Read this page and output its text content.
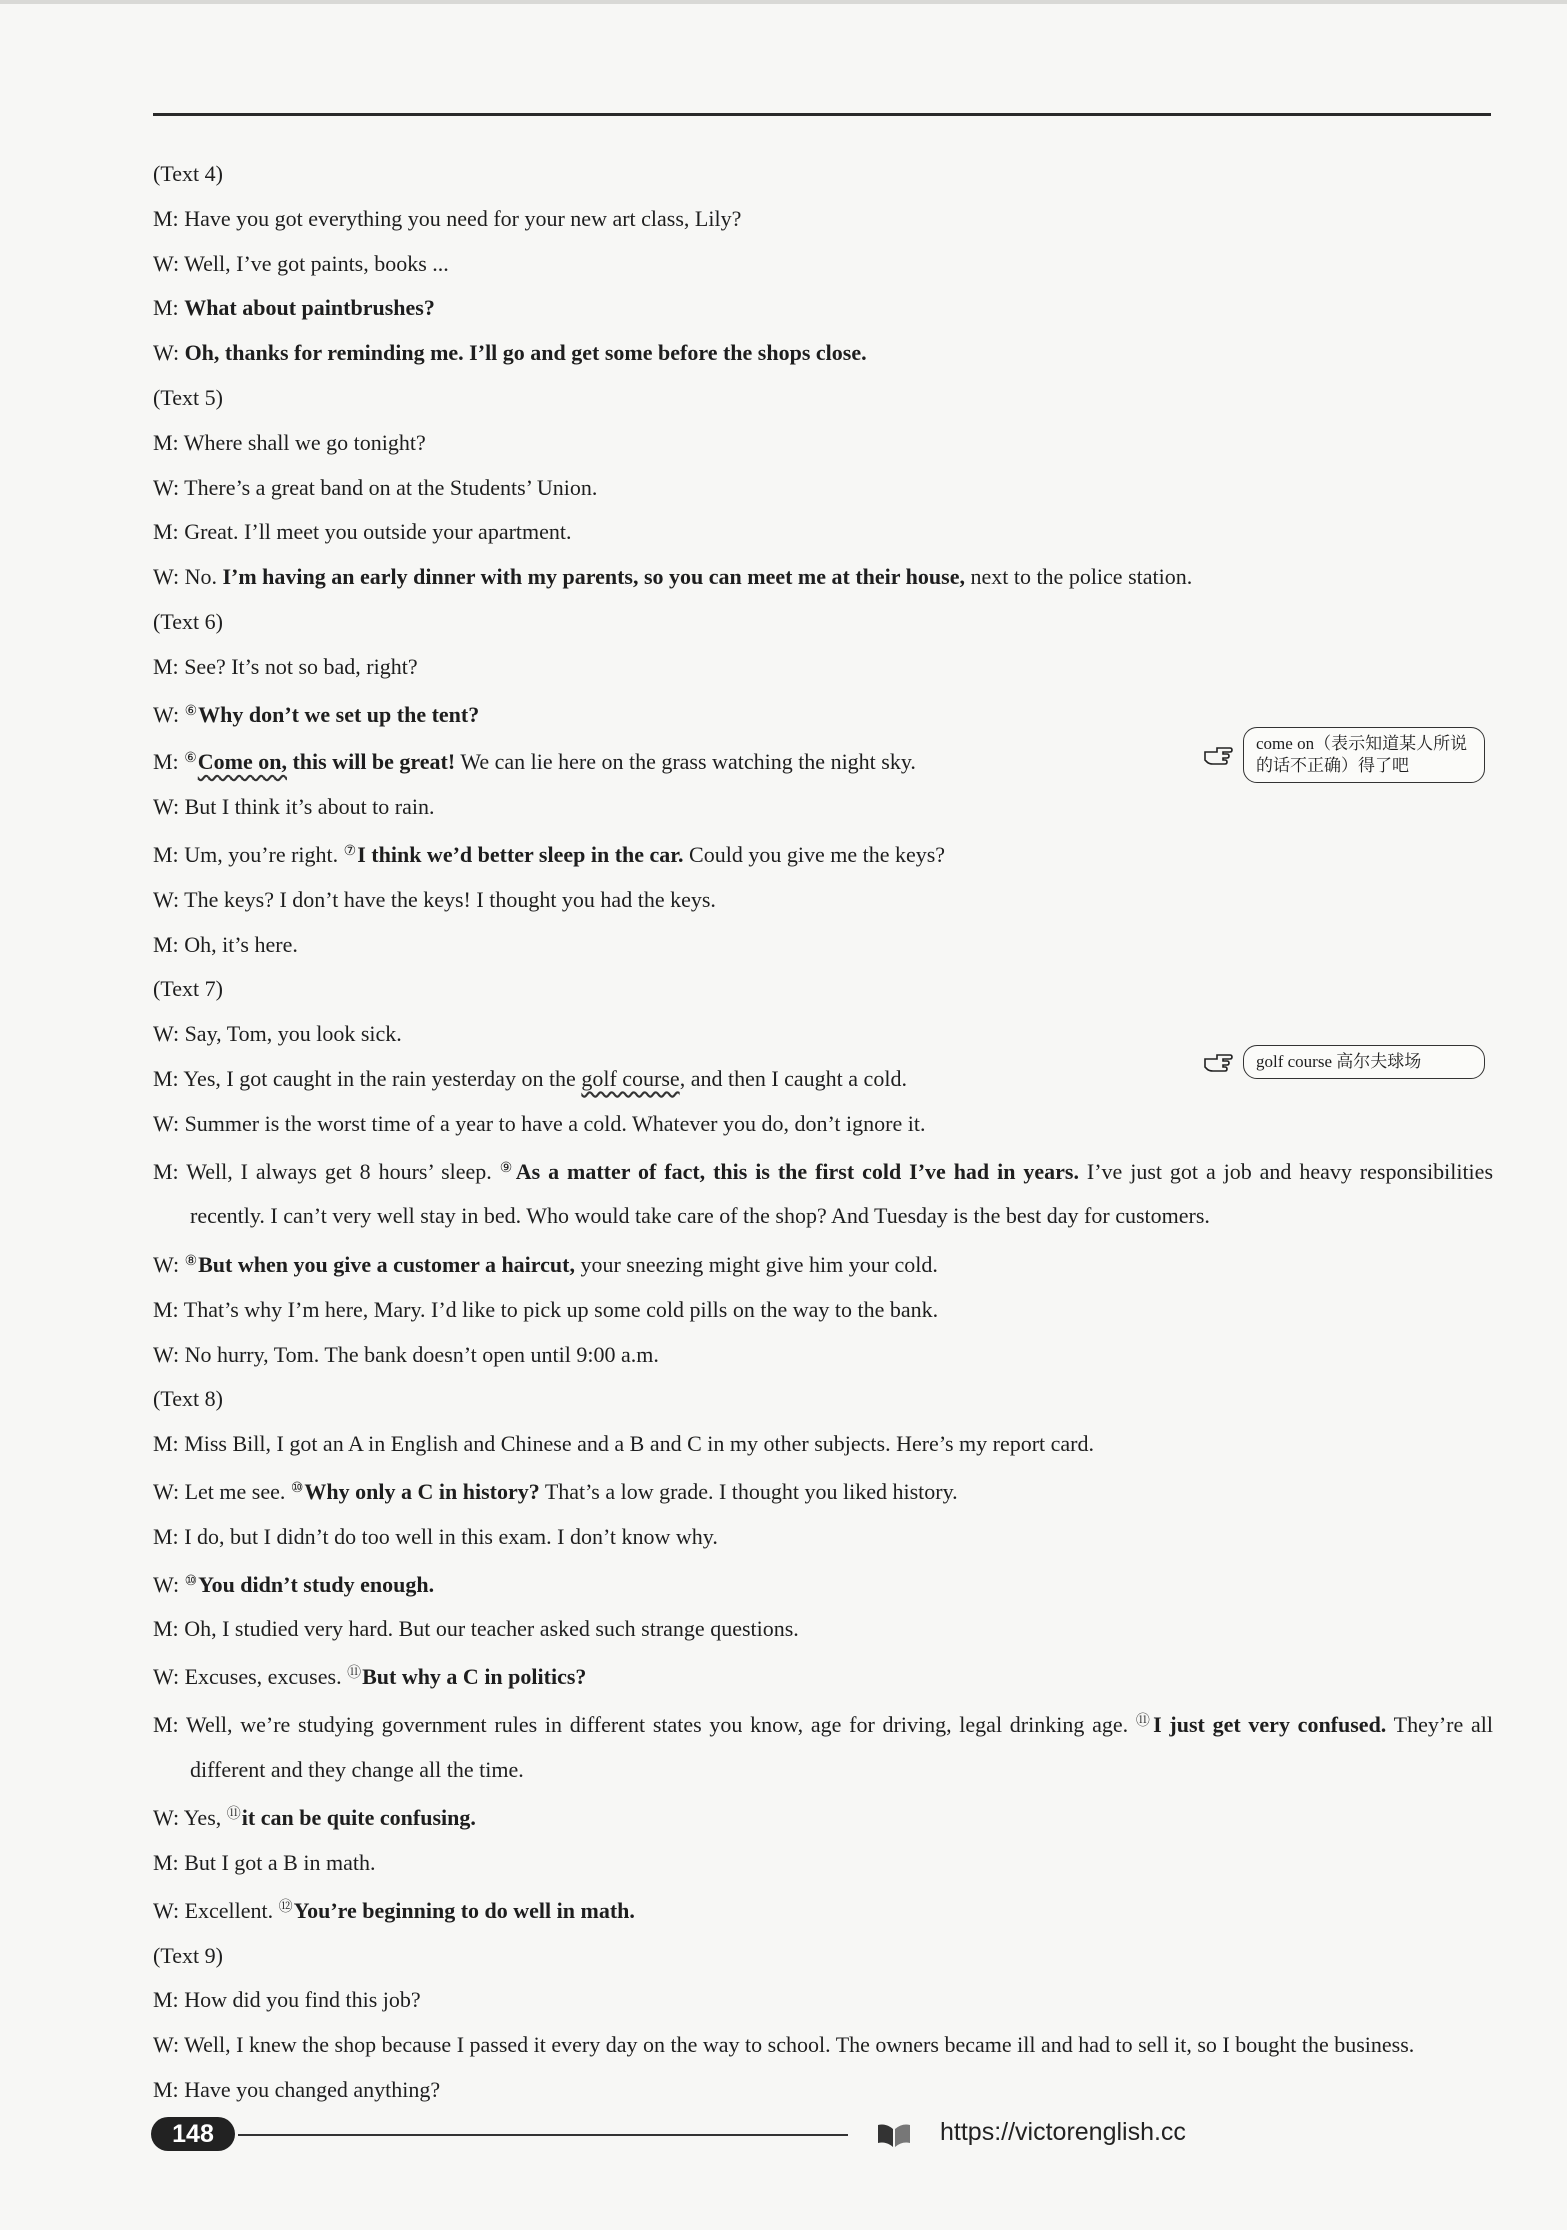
(Text 4)
M: Have you got everything you need for your new art class, Lily?
W: Well, I’ve got paints, books ...
M: What about paintbrushes?
W: Oh, thanks for reminding me. I’ll go and get some before the shops close.
(Text 5)
M: Where shall we go tonight?
W: There’s a great band on at the Students’ Union.
M: Great. I’ll meet you outside your apartment.
W: No. I’m having an early dinner with my parents, so you can meet me at their house, next to the police station.
(Text 6)
M: See? It’s not so bad, right?
W: ⑥Why don’t we set up the tent?
M: ⑥Come on, this will be great! We can lie here on the grass watching the night sky.
W: But I think it’s about to rain.
M: Um, you’re right. ⑦I think we’d better sleep in the car. Could you give me the keys?
W: The keys? I don’t have the keys! I thought you had the keys.
M: Oh, it’s here.
(Text 7)
W: Say, Tom, you look sick.
M: Yes, I got caught in the rain yesterday on the golf course, and then I caught a cold.
W: Summer is the worst time of a year to have a cold. Whatever you do, don’t ignore it.
M: Well, I always get 8 hours’ sleep. ⑨As a matter of fact, this is the first cold I’ve had in years. I’ve just got a job and heavy responsibilities recently. I can’t very well stay in bed. Who would take care of the shop? And Tuesday is the best day for customers.
W: ⑧But when you give a customer a haircut, your sneezing might give him your cold.
M: That’s why I’m here, Mary. I’d like to pick up some cold pills on the way to the bank.
W: No hurry, Tom. The bank doesn’t open until 9:00 a.m.
(Text 8)
M: Miss Bill, I got an A in English and Chinese and a B and C in my other subjects. Here’s my report card.
W: Let me see. ⑩Why only a C in history? That’s a low grade. I thought you liked history.
M: I do, but I didn’t do too well in this exam. I don’t know why.
W: ⑩You didn’t study enough.
M: Oh, I studied very hard. But our teacher asked such strange questions.
W: Excuses, excuses. ⑪But why a C in politics?
M: Well, we’re studying government rules in different states you know, age for driving, legal drinking age. ⑪I just get very confused. They’re all different and they change all the time.
W: Yes, ⑪it can be quite confusing.
M: But I got a B in math.
W: Excellent. ⑫You’re beginning to do well in math.
(Text 9)
M: How did you find this job?
W: Well, I knew the shop because I passed it every day on the way to school. The owners became ill and had to sell it, so I bought the business.
M: Have you changed anything?
come on（表示知道某人所说的话不正确）得了吧
golf course 高尔夫球场
148	https://victorenglish.cc
